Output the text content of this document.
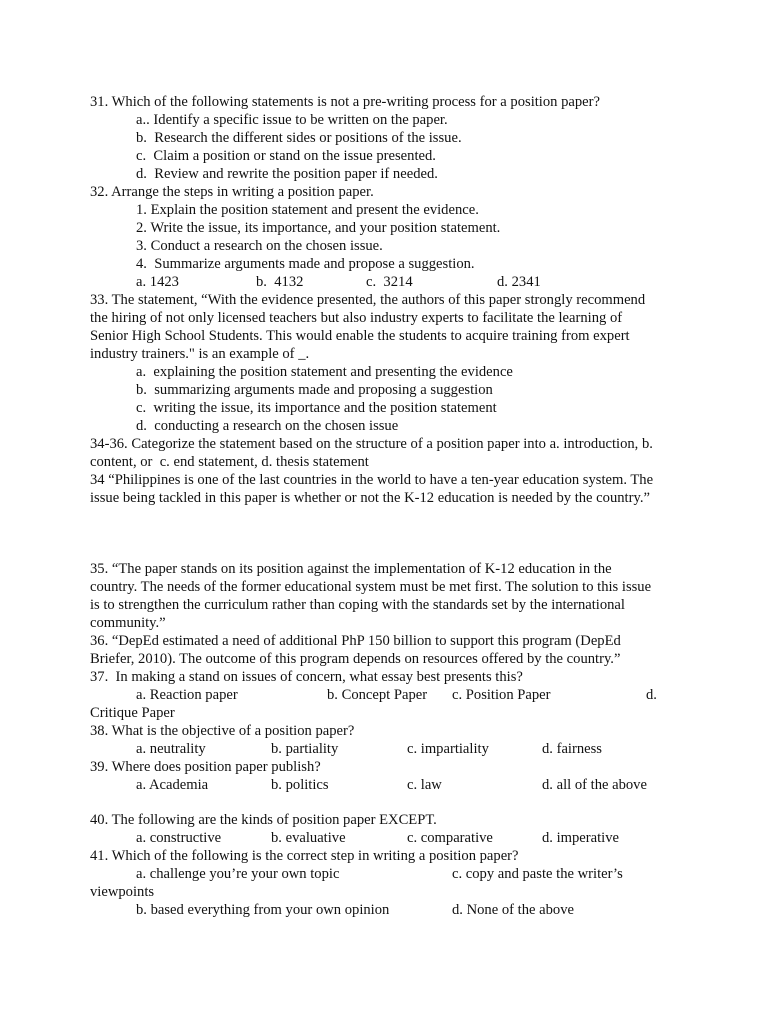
31. Which of the following statements is not a pre-writing process for a position paper?
a.. Identify a specific issue to be written on the paper.
b.  Research the different sides or positions of the issue.
c.  Claim a position or stand on the issue presented.
d.  Review and rewrite the position paper if needed.
32. Arrange the steps in writing a position paper.
1. Explain the position statement and present the evidence.
2. Write the issue, its importance, and your position statement.
3. Conduct a research on the chosen issue.
4.  Summarize arguments made and propose a suggestion.
a. 1423	b.  4132	c.  3214	d. 2341
33. The statement, “With the evidence presented, the authors of this paper strongly recommend
the hiring of not only licensed teachers but also industry experts to facilitate the learning of
Senior High School Students. This would enable the students to acquire training from expert
industry trainers." is an example of _.
a.  explaining the position statement and presenting the evidence
b.  summarizing arguments made and proposing a suggestion
c.  writing the issue, its importance and the position statement
d.  conducting a research on the chosen issue
34-36. Categorize the statement based on the structure of a position paper into a. introduction, b.
content, or  c. end statement, d. thesis statement
34 “Philippines is one of the last countries in the world to have a ten-year education system. The
issue being tackled in this paper is whether or not the K-12 education is needed by the country.”
35. “The paper stands on its position against the implementation of K-12 education in the
country. The needs of the former educational system must be met first. The solution to this issue
is to strengthen the curriculum rather than coping with the standards set by the international
community.”
36. “DepEd estimated a need of additional PhP 150 billion to support this program (DepEd
Briefer, 2010). The outcome of this program depends on resources offered by the country.”
37.  In making a stand on issues of concern, what essay best presents this?
a. Reaction paper	b. Concept Paper c. Position Paper	d.
Critique Paper
38. What is the objective of a position paper?
a. neutrality	b. partiality	c. impartiality	d. fairness
39. Where does position paper publish?
a. Academia	b. politics	c. law	d. all of the above
40. The following are the kinds of position paper EXCEPT.
a. constructive	b. evaluative	c. comparative	d. imperative
41. Which of the following is the correct step in writing a position paper?
a. challenge you’re your own topic	c. copy and paste the writer’s
viewpoints
b. based everything from your own opinion	d. None of the above
